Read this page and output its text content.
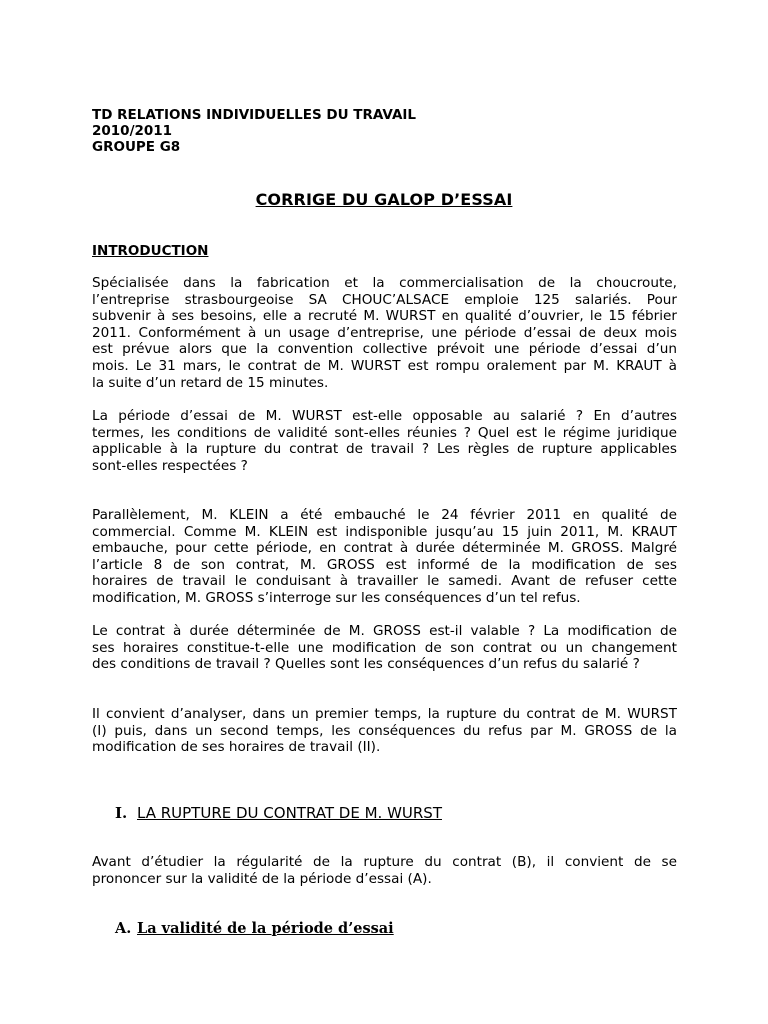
TD RELATIONS INDIVIDUELLES DU TRAVAIL
2010/2011
GROUPE G8
CORRIGE DU GALOP D’ESSAI
INTRODUCTION
Spécialisée dans la fabrication et la commercialisation de la choucroute,
l’entreprise strasbourgeoise SA CHOUC’ALSACE emploie 125 salariés. Pour
subvenir à ses besoins, elle a recruté M. WURST en qualité d’ouvrier, le 15 fébrier
2011. Conformément à un usage d’entreprise, une période d’essai de deux mois
est prévue alors que la convention collective prévoit une période d’essai d’un
mois. Le 31 mars, le contrat de M. WURST est rompu oralement par M. KRAUT à
la suite d’un retard de 15 minutes.
La période d’essai de M. WURST est-elle opposable au salarié ? En d’autres
termes, les conditions de validité sont-elles réunies ? Quel est le régime juridique
applicable à la rupture du contrat de travail ? Les règles de rupture applicables
sont-elles respectées ?
Parallèlement, M. KLEIN a été embauché le 24 février 2011 en qualité de
commercial. Comme M. KLEIN est indisponible jusqu’au 15 juin 2011, M. KRAUT
embauche, pour cette période, en contrat à durée déterminée M. GROSS. Malgré
l’article 8 de son contrat, M. GROSS est informé de la modification de ses
horaires de travail le conduisant à travailler le samedi. Avant de refuser cette
modification, M. GROSS s’interroge sur les conséquences d’un tel refus.
Le contrat à durée déterminée de M. GROSS est-il valable ? La modification de
ses horaires constitue-t-elle une modification de son contrat ou un changement
des conditions de travail ? Quelles sont les conséquences d’un refus du salarié ?
Il convient d’analyser, dans un premier temps, la rupture du contrat de M. WURST
(I) puis, dans un second temps, les conséquences du refus par M. GROSS de la
modification de ses horaires de travail (II).
I. LA RUPTURE DU CONTRAT DE M. WURST
Avant d’étudier la régularité de la rupture du contrat (B), il convient de se
prononcer sur la validité de la période d’essai (A).
A. La validité de la période d’essai
